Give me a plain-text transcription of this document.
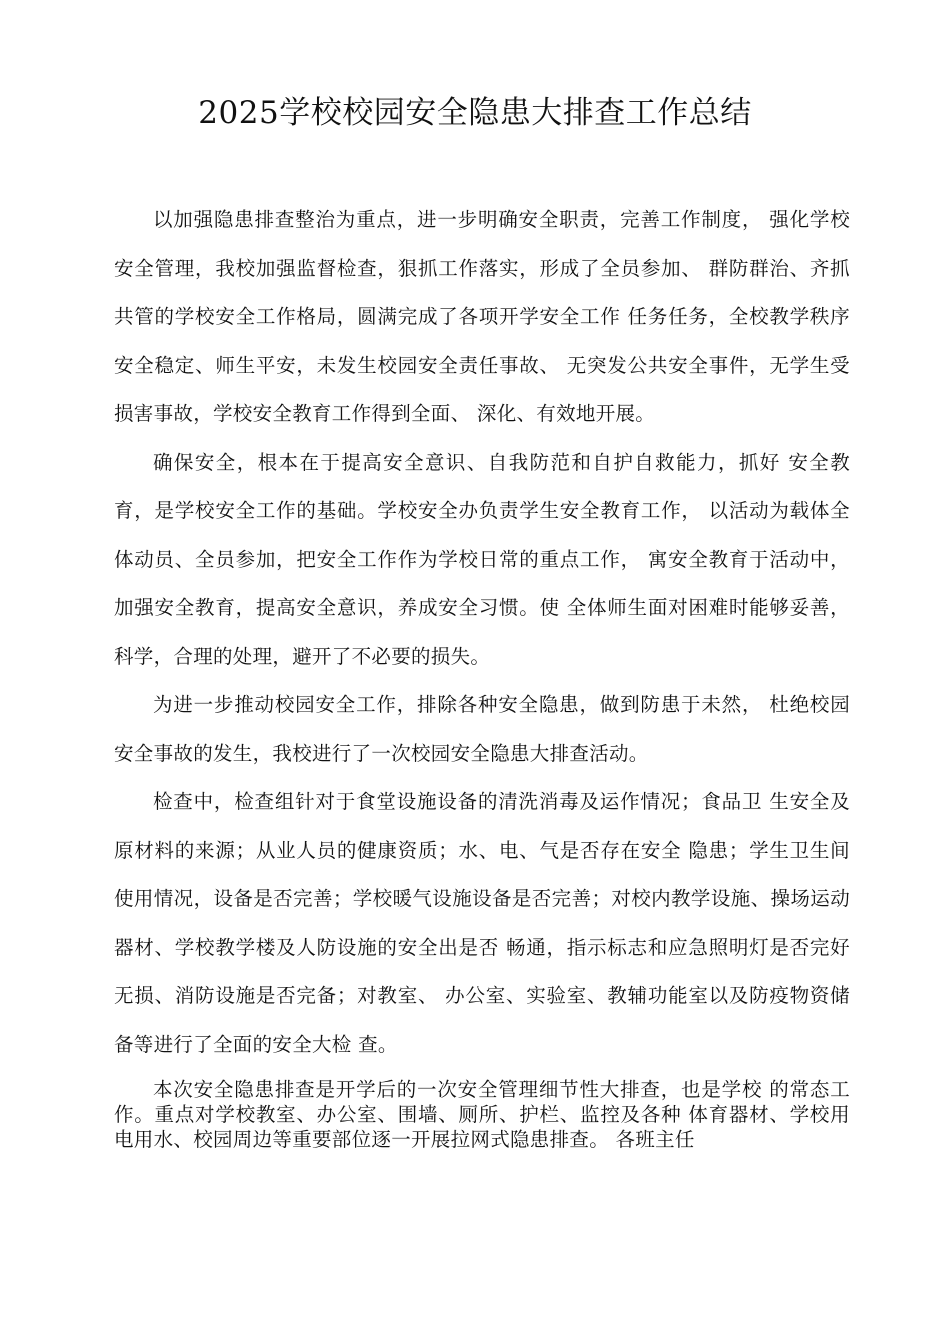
2025学校校园安全隐患大排查工作总结

以加强隐患排查整治为重点，进一步明确安全职责，完善工作制度， 强化学校安全管理，我校加强监督检查，狠抓工作落实，形成了全员参加、 群防群治、齐抓共管的学校安全工作格局，圆满完成了各项开学安全工作 任务任务，全校教学秩序安全稳定、师生平安，未发生校园安全责任事故、 无突发公共安全事件，无学生受损害事故，学校安全教育工作得到全面、 深化、有效地开展。

确保安全，根本在于提高安全意识、自我防范和自护自救能力，抓好 安全教育，是学校安全工作的基础。学校安全办负责学生安全教育工作， 以活动为载体全体动员、全员参加，把安全工作作为学校日常的重点工作， 寓安全教育于活动中，加强安全教育，提高安全意识，养成安全习惯。使 全体师生面对困难时能够妥善，科学，合理的处理，避开了不必要的损失。

为进一步推动校园安全工作，排除各种安全隐患，做到防患于未然， 杜绝校园安全事故的发生，我校进行了一次校园安全隐患大排查活动。

检查中，检查组针对于食堂设施设备的清洗消毒及运作情况；食品卫 生安全及原材料的来源；从业人员的健康资质；水、电、气是否存在安全 隐患；学生卫生间使用情况，设备是否完善；学校暖气设施设备是否完善；对校内教学设施、操场运动器材、学校教学楼及人防设施的安全出是否 畅通，指示标志和应急照明灯是否完好无损、消防设施是否完备；对教室、 办公室、实验室、教辅功能室以及防疫物资储备等进行了全面的安全大检 查。

本次安全隐患排查是开学后的一次安全管理细节性大排查，也是学校 的常态工作。重点对学校教室、办公室、围墙、厕所、护栏、监控及各种 体育器材、学校用电用水、校园周边等重要部位逐一开展拉网式隐患排查。 各班主任
